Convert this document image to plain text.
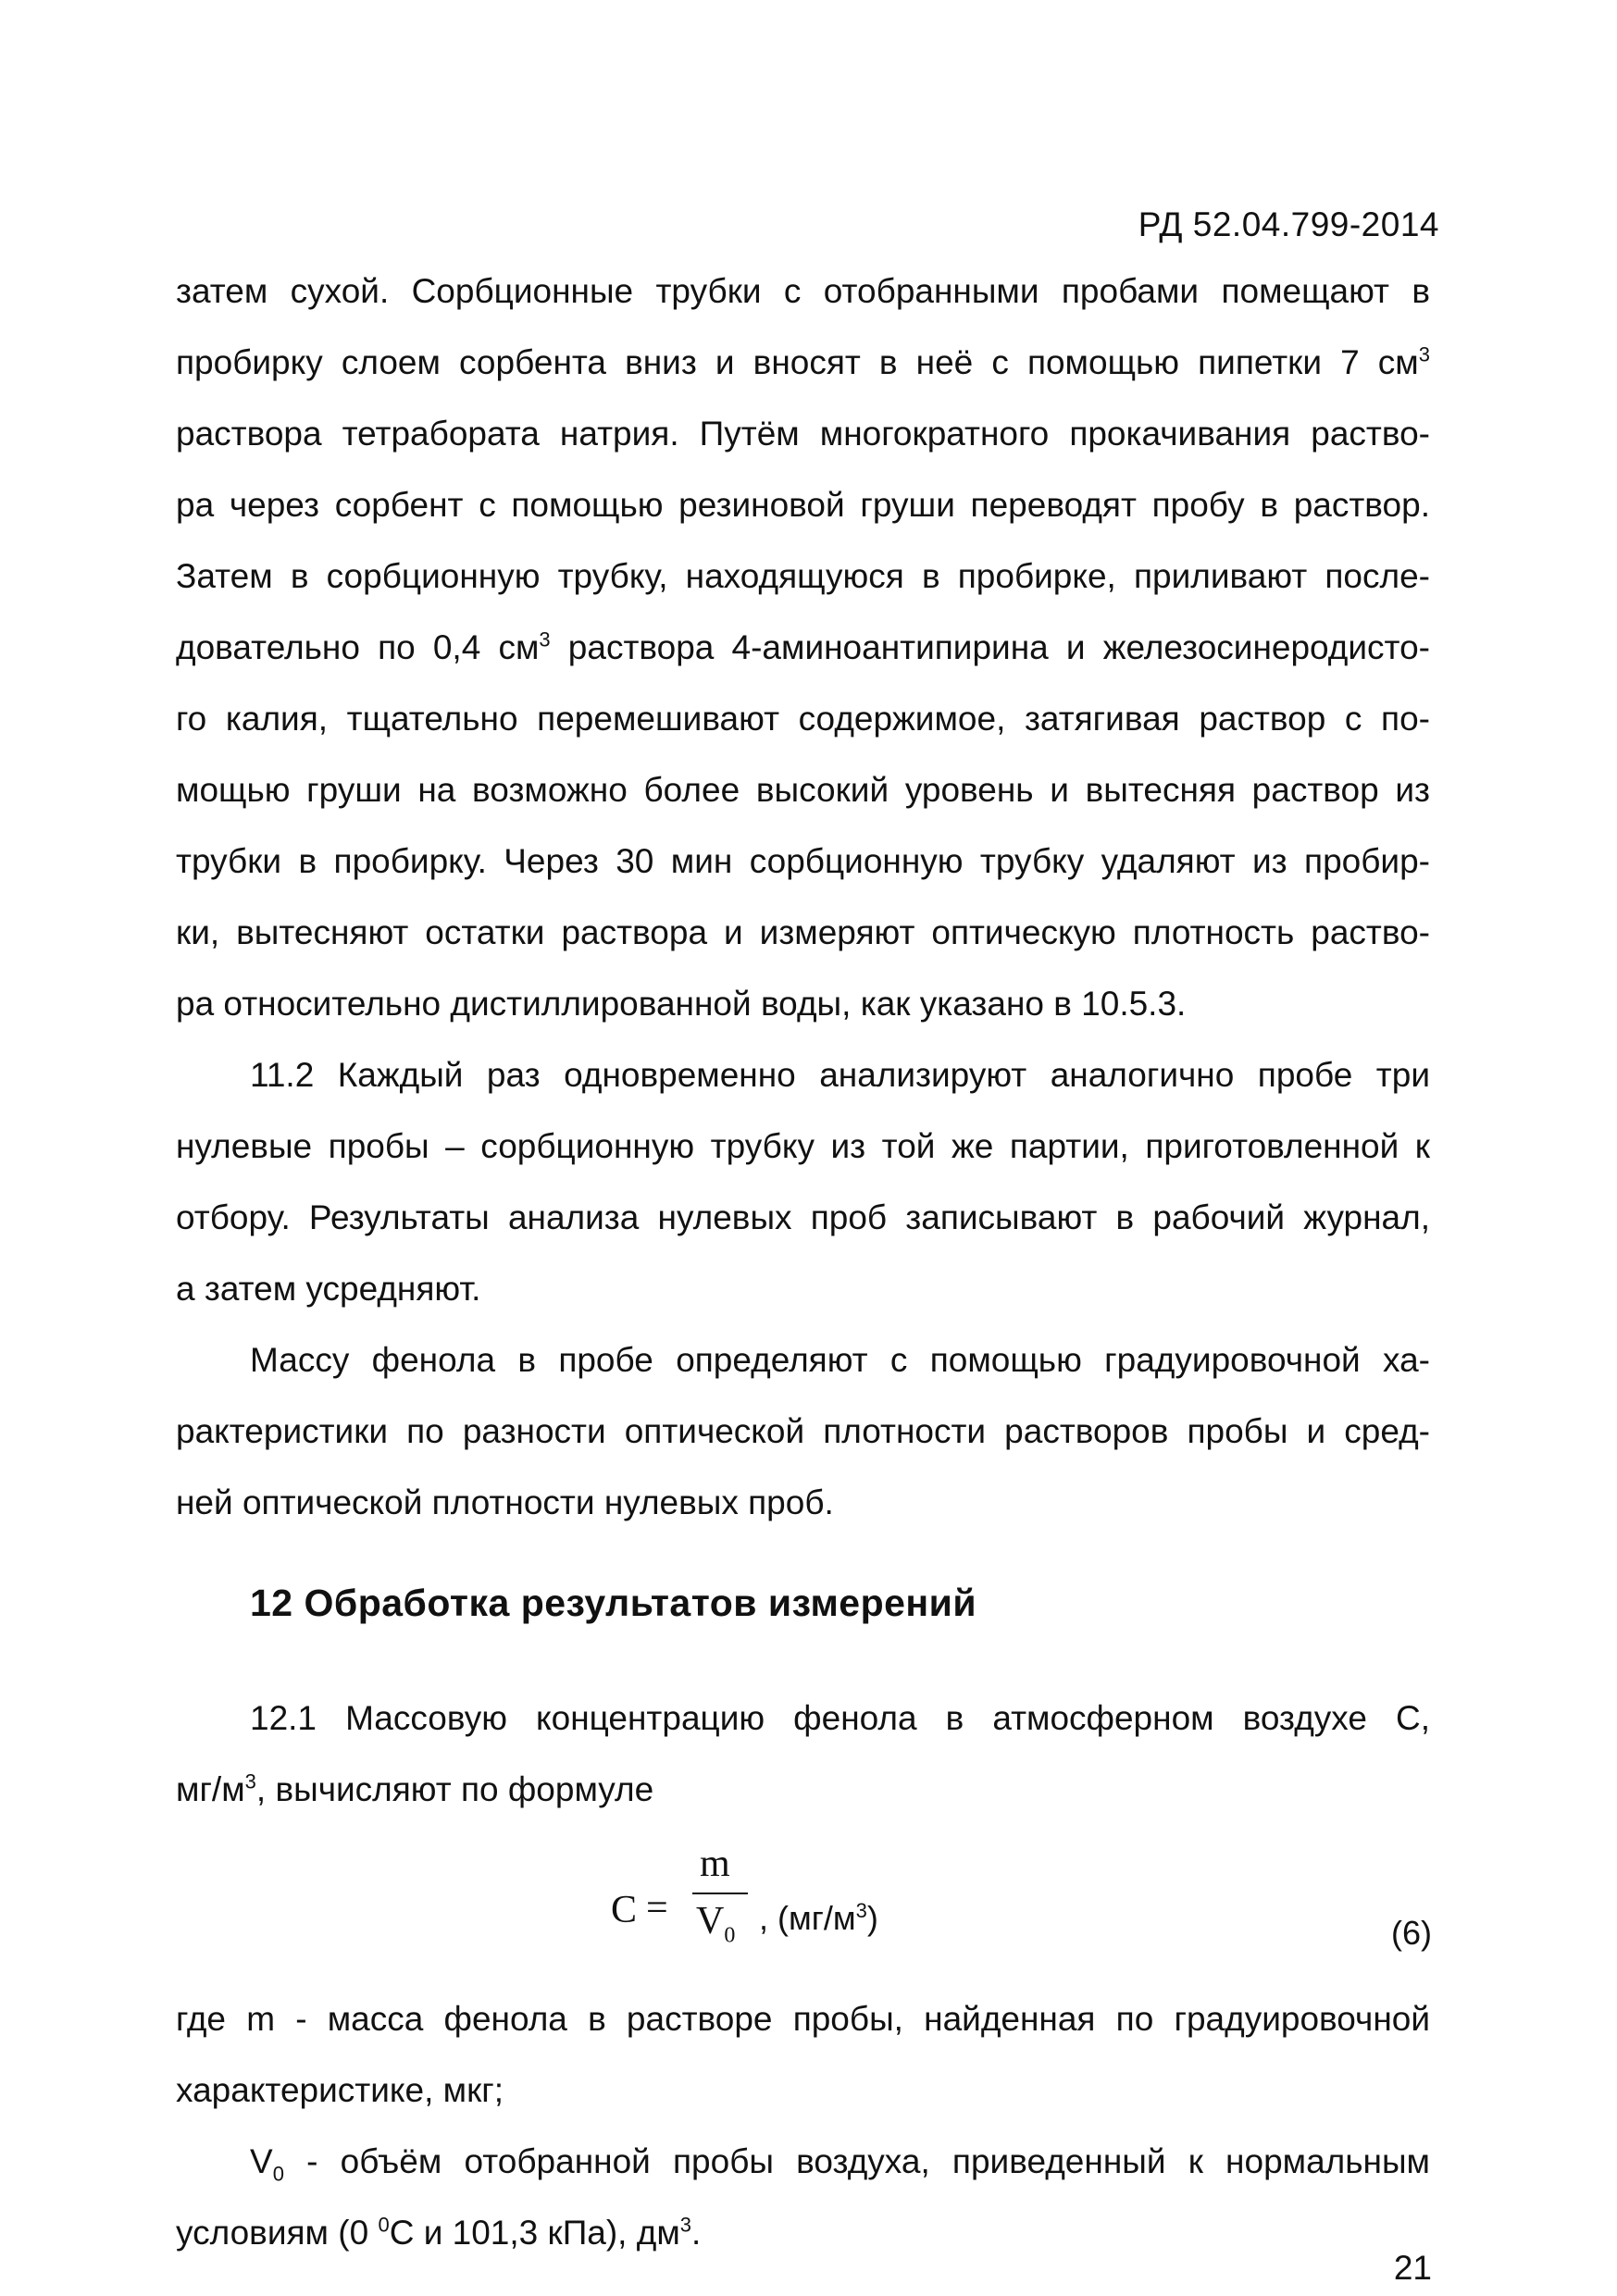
РД 52.04.799-2014
затем сухой. Сорбционные трубки с отобранными пробами помещают в
пробирку слоем сорбента вниз и вносят в неё с помощью пипетки 7 $см^3$
раствора тетрабората натрия. Путём многократного прокачивания раство-
ра через сорбент с помощью резиновой груши переводят пробу в раствор.
Затем в сорбционную трубку, находящуюся в пробирке, приливают после-
довательно по 0,4 $см^3$ раствора 4-аминоантипирина и железосинеродисто-
го калия, тщательно перемешивают содержимое, затягивая раствор с по-
мощью груши на возможно более высокий уровень и вытесняя раствор из
трубки в пробирку. Через 30 мин сорбционную трубку удаляют из пробир-
ки, вытесняют остатки раствора и измеряют оптическую плотность раство-
ра относительно дистиллированной воды, как указано в 10.5.3.
11.2 Каждый раз одновременно анализируют аналогично пробе три
нулевые пробы – сорбционную трубку из той же партии, приготовленной к
отбору. Результаты анализа нулевых проб записывают в рабочий журнал,
а затем усредняют.
Массу фенола в пробе определяют с помощью градуировочной ха-
рактеристики по разности оптической плотности растворов пробы и сред-
ней оптической плотности нулевых проб.
12 Обработка результатов измерений
12.1 Массовую концентрацию фенола в атмосферном воздухе С,
$мг/м^3$, вычисляют по формуле
C =
m
$V_0$ , $(мг/м^3)$	(6)
где m - масса фенола в растворе пробы, найденная по градуировочной
характеристике, мкг;
$V_0$ - объём отобранной пробы воздуха, приведенный к нормальным
условиям (0 $^0$С и 101,3 кПа), $дм^3$.
21
